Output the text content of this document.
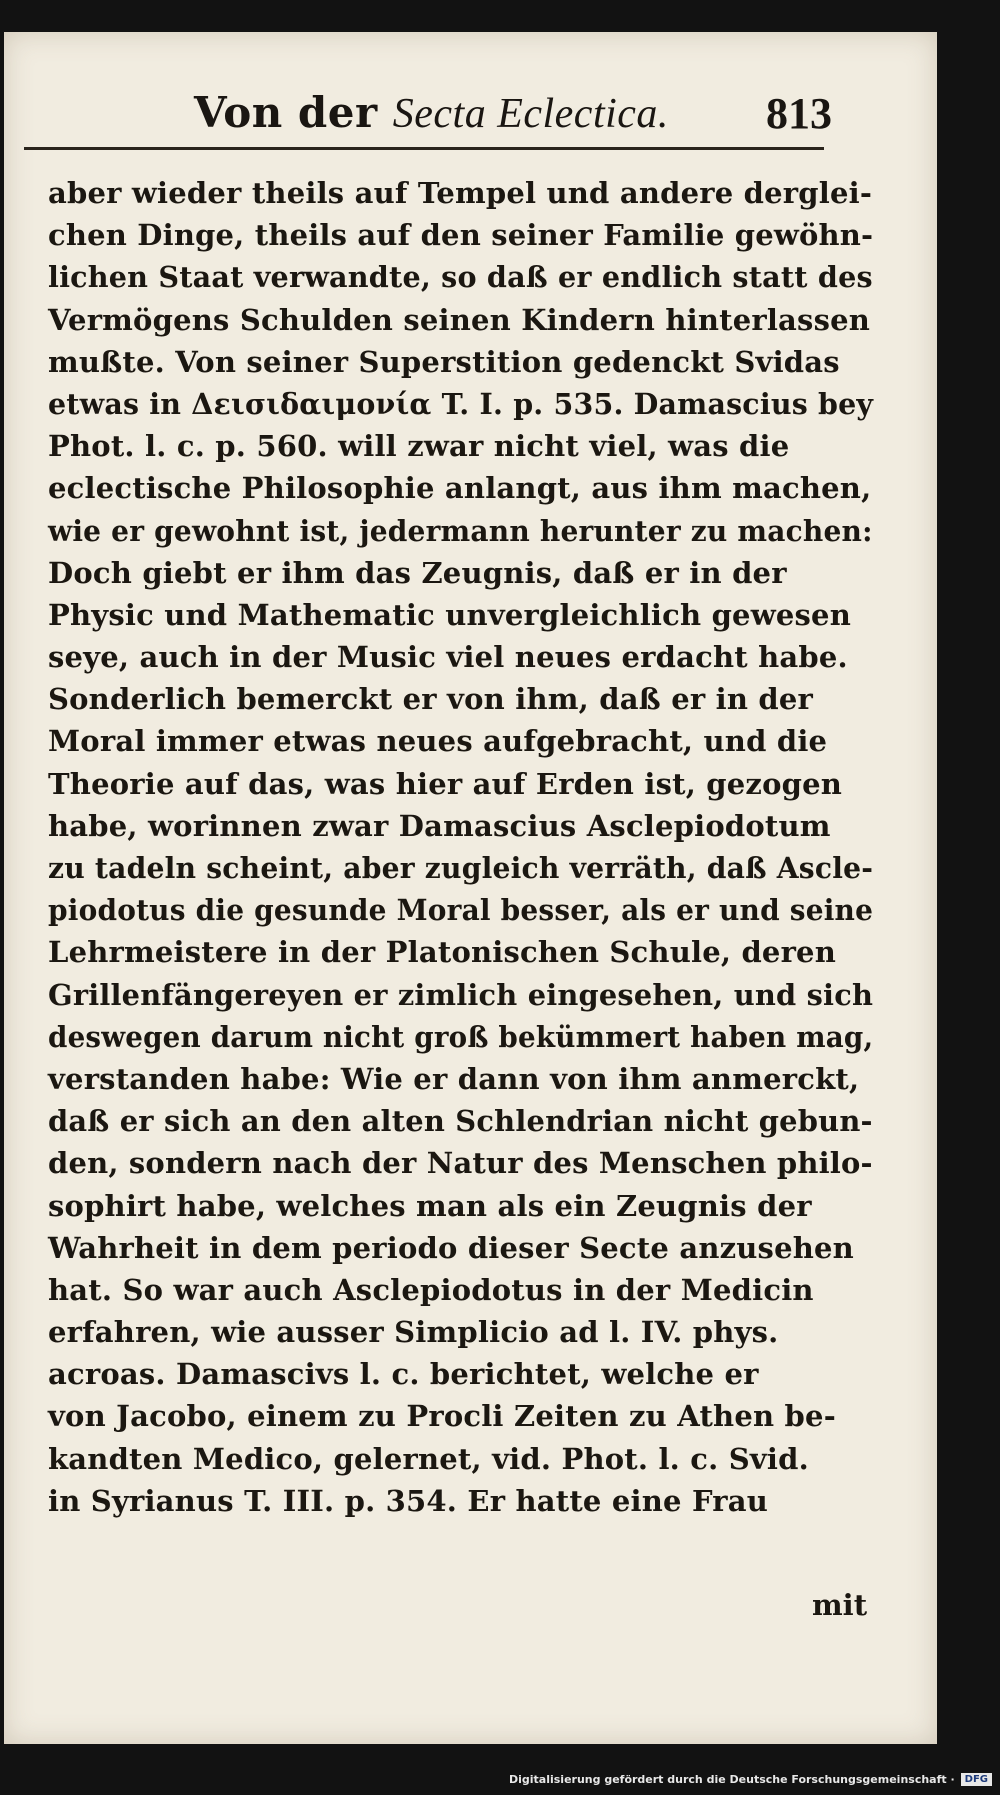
Von der Secta Eclectica. 813
aber wieder theils auf Tempel und andere derglei-
chen Dinge, theils auf den seiner Familie gewöhn-
lichen Staat verwandte, so daß er endlich statt des
Vermögens Schulden seinen Kindern hinterlassen
mußte. Von seiner Superstition gedenckt Svidas
etwas in Δεισιδαιμονία T. I. p. 535. Damascius bey
Phot. l. c. p. 560. will zwar nicht viel, was die
eclectische Philosophie anlangt, aus ihm machen,
wie er gewohnt ist, jedermann herunter zu machen:
Doch giebt er ihm das Zeugnis, daß er in der
Physic und Mathematic unvergleichlich gewesen
seye, auch in der Music viel neues erdacht habe.
Sonderlich bemerckt er von ihm, daß er in der
Moral immer etwas neues aufgebracht, und die
Theorie auf das, was hier auf Erden ist, gezogen
habe, worinnen zwar Damascius Asclepiodotum
zu tadeln scheint, aber zugleich verräth, daß Ascle-
piodotus die gesunde Moral besser, als er und seine
Lehrmeistere in der Platonischen Schule, deren
Grillenfängereyen er zimlich eingesehen, und sich
deswegen darum nicht groß bekümmert haben mag,
verstanden habe: Wie er dann von ihm anmerckt,
daß er sich an den alten Schlendrian nicht gebun-
den, sondern nach der Natur des Menschen philo-
sophirt habe, welches man als ein Zeugnis der
Wahrheit in dem periodo dieser Secte anzusehen
hat. So war auch Asclepiodotus in der Medicin
erfahren, wie ausser Simplicio ad l. IV. phys.
acroas. Damascivs l. c. berichtet, welche er
von Jacobo, einem zu Procli Zeiten zu Athen be-
kandten Medico, gelernet, vid. Phot. l. c. Svid.
in Syrianus T. III. p. 354. Er hatte eine Frau
mit
Digitalisierung gefördert durch die Deutsche Forschungsgemeinschaft ·	DFG
